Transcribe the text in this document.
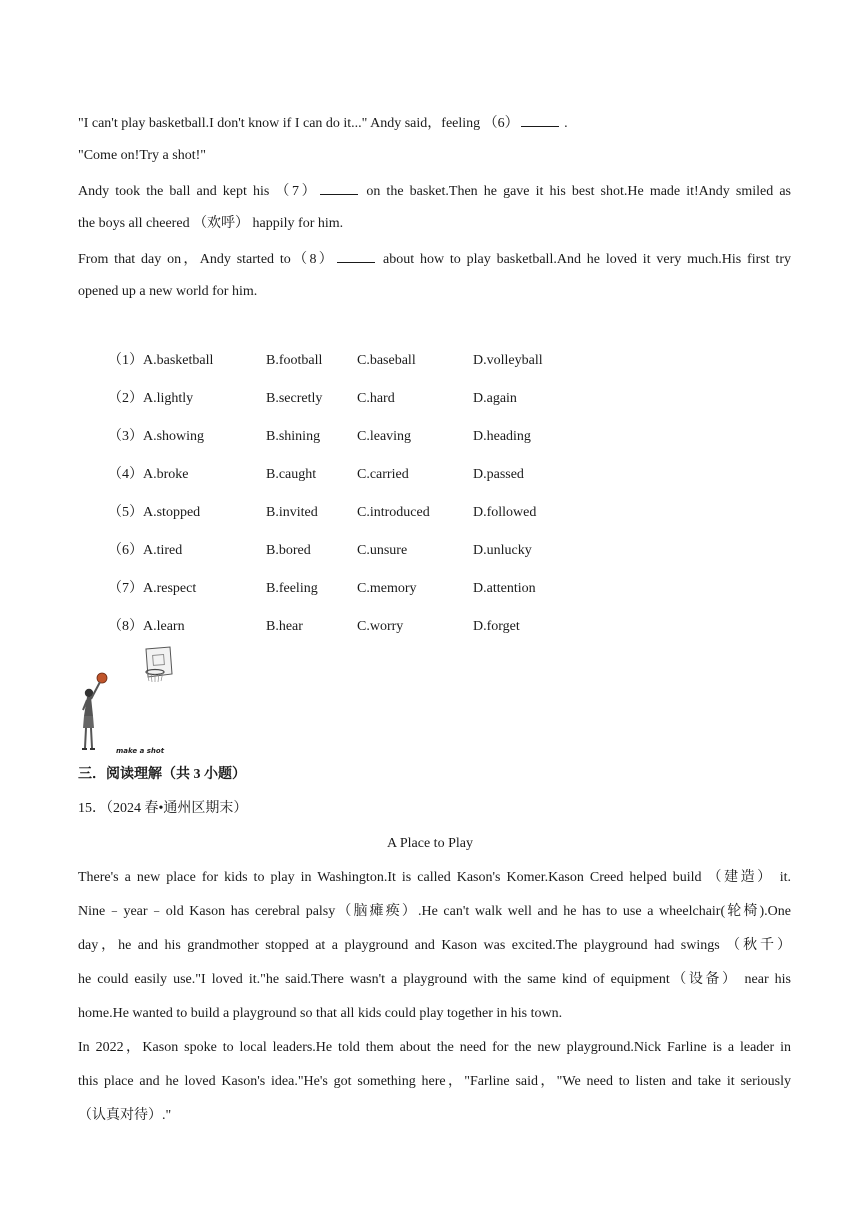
"I can't play basketball.I don't know if I can do it..." Andy said，feeling （6）	.
"Come on!Try a shot!"
Andy took the ball and kept his （7）	on the basket.Then he gave it his best shot.He made it!Andy smiled as
the boys all cheered （欢呼） happily for him.
From that day on，Andy started to（8）	about how to play basketball.And he loved it very much.His first try
opened up a new world for him.
（1）A.basketball	B.football C.baseball	D.volleyball
（2）A.lightly	B.secretly C.hard	D.again
（3）A.showing	B.shining	C.leaving	D.heading
（4）A.broke	B.caught	C.carried	D.passed
（5）A.stopped	B.invited	C.introduced	D.followed
（6）A.tired	B.bored	C.unsure	D.unlucky
（7）A.respect	B.feeling	C.memory	D.attention
（8）A.learn	B.hear	C.worry	D.forget
make a shot
三．阅读理解（共 3 小题）
15．（2024 春•通州区期末）
A Place to Play
There's a new place for kids to play in Washington.It is called Kason's Komer.Kason Creed helped build （建造） it.
Nine﹣year﹣old Kason has cerebral palsy（脑瘫痪）.He can't walk well and he has to use a wheelchair(轮椅).One
day，he and his grandmother stopped at a playground and Kason was excited.The playground had swings （秋千）
he could easily use."I loved it."he said.There wasn't a playground with the same kind of equipment（设备） near his
home.He wanted to build a playground so that all kids could play together in his town.
In 2022，Kason spoke to local leaders.He told them about the need for the new playground.Nick Farline is a leader in
this place and he loved Kason's idea."He's got something here，"Farline said，"We need to listen and take it seriously
（认真对待）."
